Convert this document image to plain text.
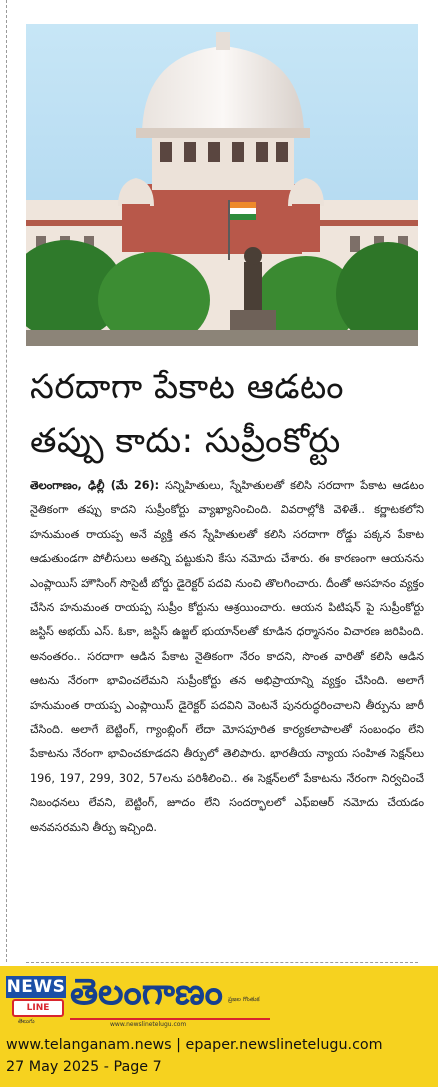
సరదాగా పేకాట ఆడటం
తప్పు కాదు: సుప్రీంకోర్టు

తెలంగాణం, ఢిల్లీ (మే 26): సన్నిహితులు, స్నేహితులతో కలిసి సరదాగా పేకాట ఆడటం నైతికంగా తప్పు కాదని సుప్రీంకోర్టు వ్యాఖ్యానించింది. వివరాల్లోకి వెళితే.. కర్ణాటకలోని హనుమంత రాయప్ప అనే వ్యక్తి తన స్నేహితులతో కలిసి సరదాగా రోడ్డు పక్కన పేకాట ఆడుతుండగా పోలీసులు అతన్ని పట్టుకుని కేసు నమోదు చేశారు. ఈ కారణంగా ఆయనను ఎంప్లాయిస్ హౌసింగ్ సొసైటీ బోర్డు డైరెక్టర్ పదవి నుంచి తొలగించారు. దీంతో అసహనం వ్యక్తం చేసిన హనుమంత రాయప్ప సుప్రీం కోర్టును ఆశ్రయించారు. ఆయన పిటిషన్ పై సుప్రీంకోర్టు జస్టిస్ అభయ్ ఎస్. ఓకా, జస్టిస్ ఉజ్జల్ భుయాన్‌లతో కూడిన ధర్మాసనం విచారణ జరిపింది. అనంతరం.. సరదాగా ఆడిన పేకాట నైతికంగా నేరం కాదని, సొంత వారితో కలిసి ఆడిన ఆటను నేరంగా భావించలేమని సుప్రీంకోర్టు తన అభిప్రాయాన్ని వ్యక్తం చేసింది. అలాగే హనుమంత రాయప్ప ఎంప్లాయిస్ డైరెక్టర్ పదవిని వెంటనే పునరుద్ధరించాలని తీర్పును జారీ చేసింది. అలాగే బెట్టింగ్, గ్యాంబ్లింగ్ లేదా మోసపూరిత కార్యకలాపాలతో సంబంధం లేని పేకాటను నేరంగా భావించకూడదని తీర్పులో తెలిపారు. భారతీయ న్యాయ సంహిత సెక్షన్‌లు 196, 197, 299, 302, 57లను పరిశీలించి.. ఈ సెక్షన్‌లలో పేకాటను నేరంగా నిర్వచించే నిబంధనలు లేవని, బెట్టింగ్, జూదం లేని సందర్భాలలో ఎఫ్ఐఆర్ నమోదు చేయడం అనవసరమని తీర్పు ఇచ్చింది.

NEWS
LINE
తెలుగు
తెలంగాణం ప్రజల గొంతుక
www.newslinetelugu.com
www.telanganam.news | epaper.newslinetelugu.com
27 May 2025 - Page 7
